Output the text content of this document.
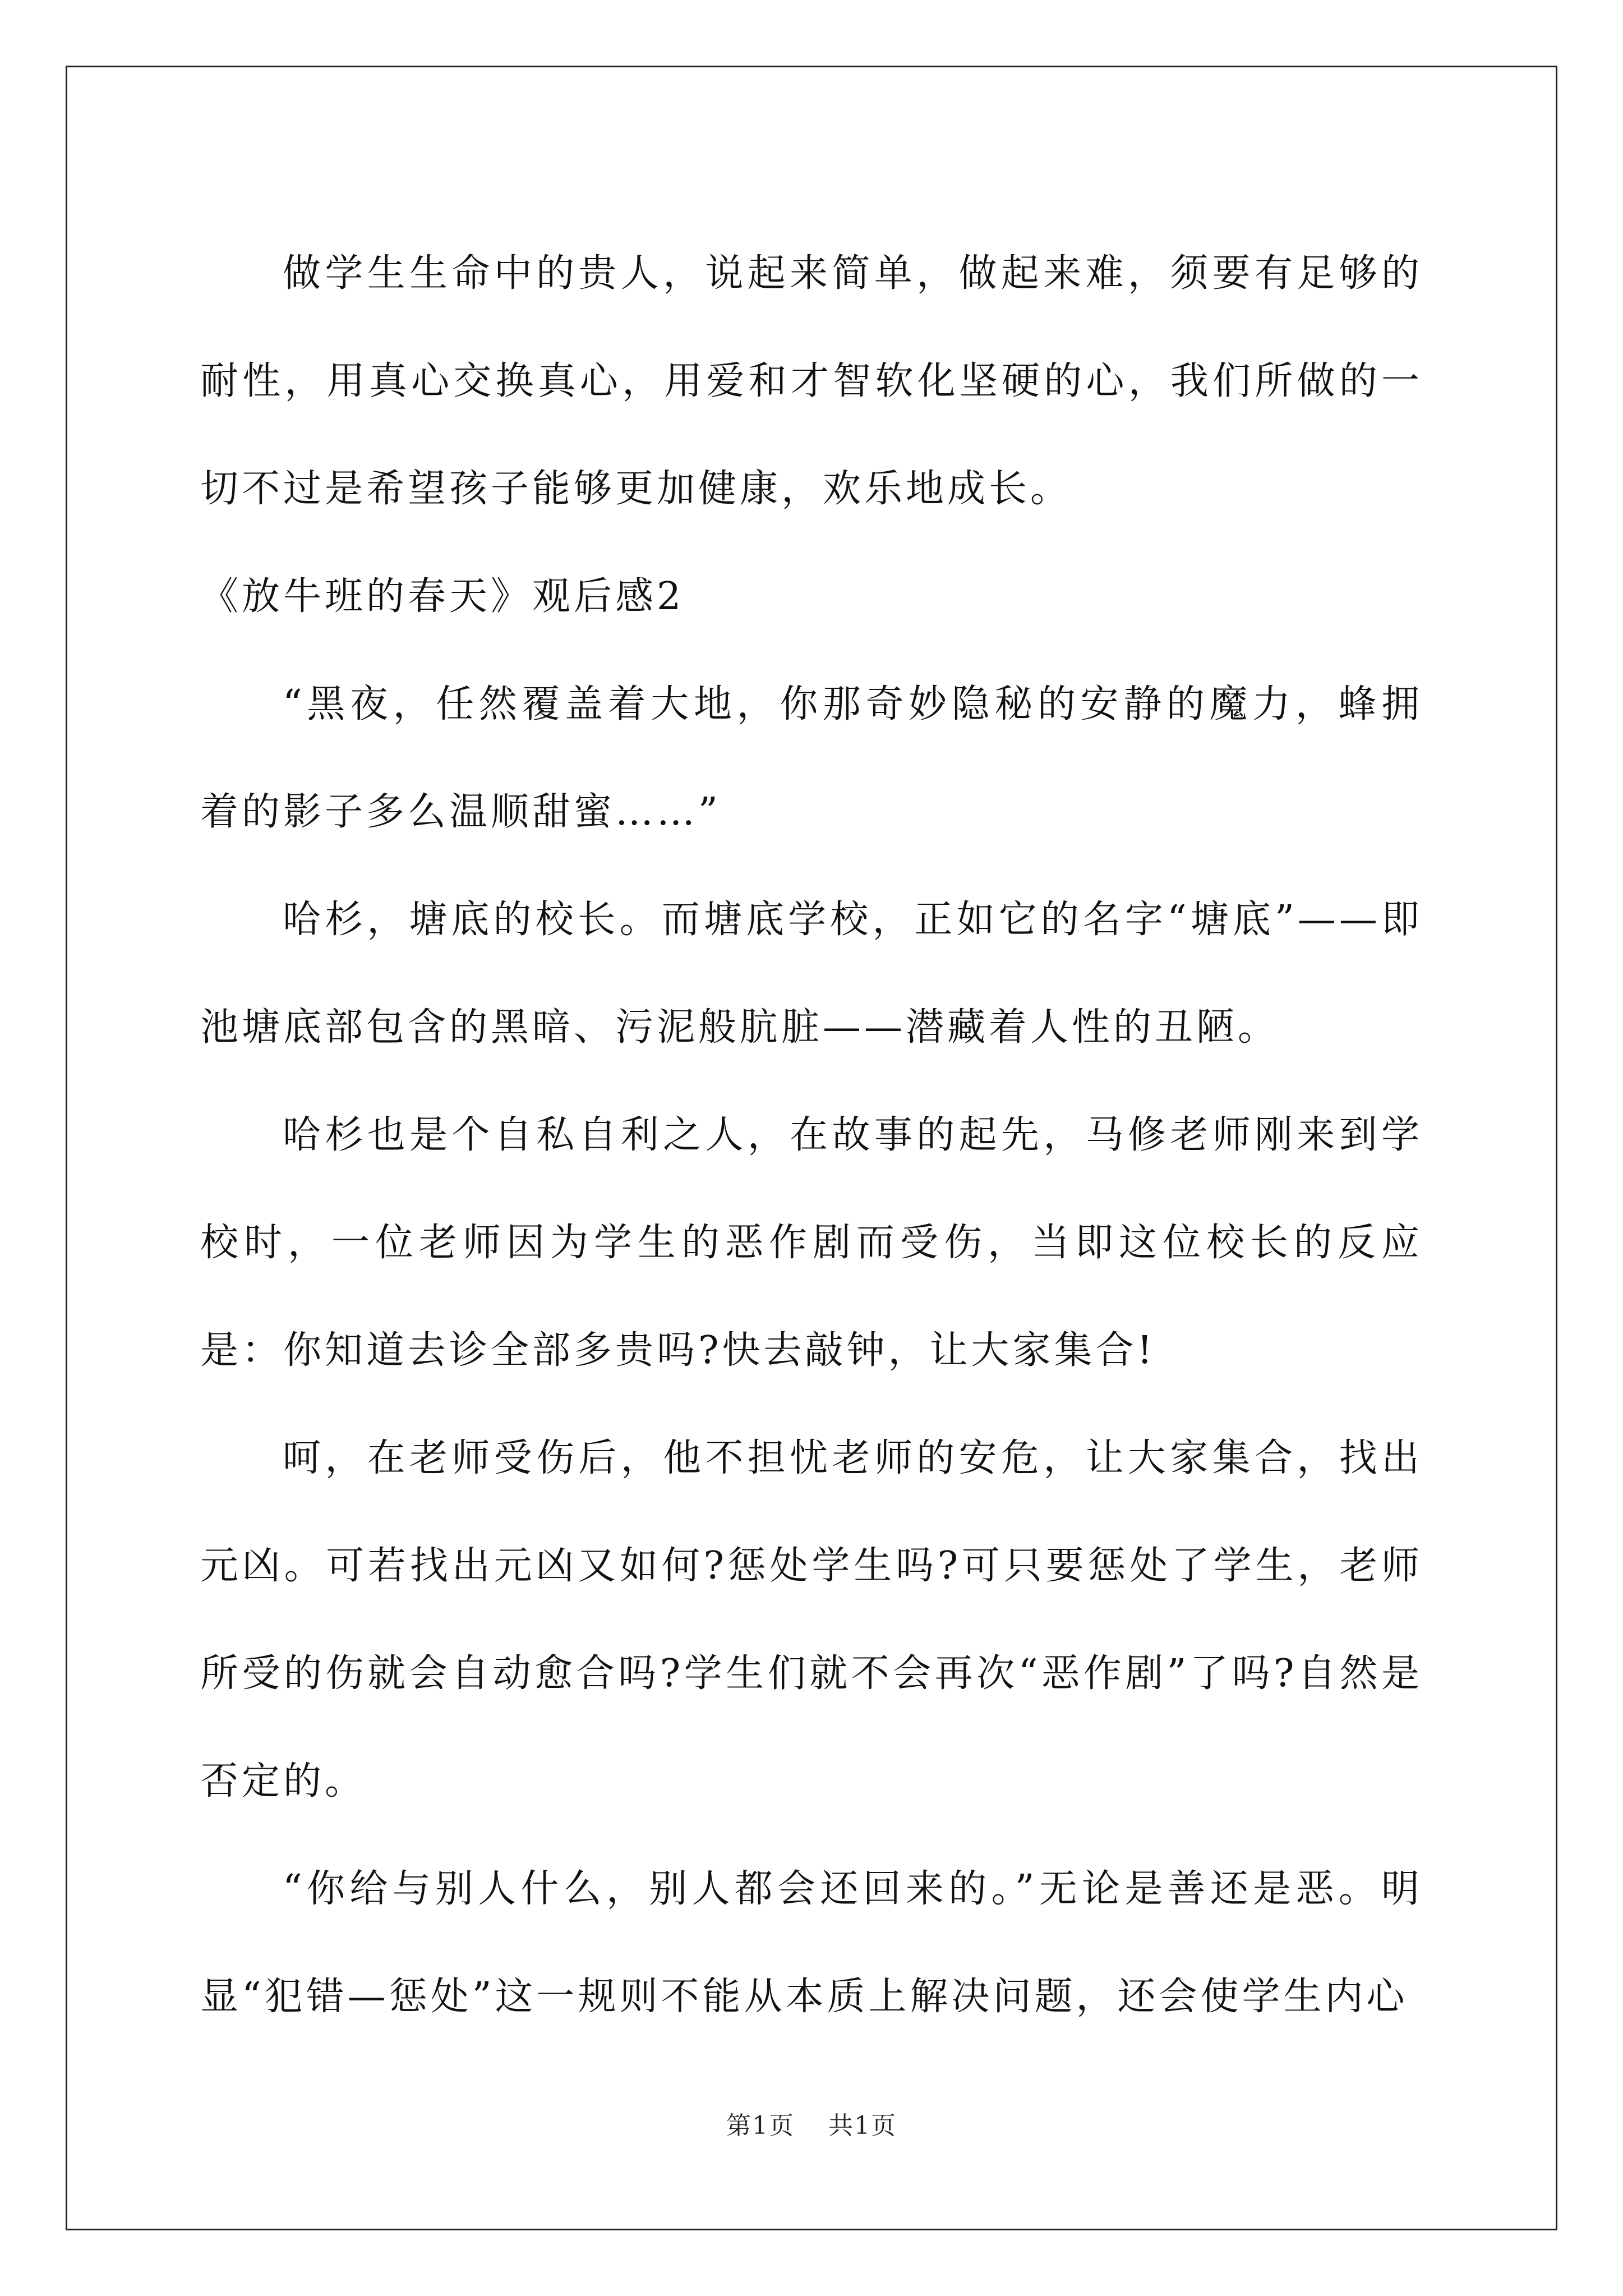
做学生生命中的贵人，说起来简单，做起来难，须要有足够的耐性，用真心交换真心，用爱和才智软化坚硬的心，我们所做的一切不过是希望孩子能够更加健康，欢乐地成长。

《放牛班的春天》观后感2

“黑夜，任然覆盖着大地，你那奇妙隐秘的安静的魔力，蜂拥着的影子多么温顺甜蜜……”

哈杉，塘底的校长。而塘底学校，正如它的名字“塘底”——即池塘底部包含的黑暗、污泥般肮脏——潜藏着人性的丑陋。

哈杉也是个自私自利之人，在故事的起先，马修老师刚来到学校时，一位老师因为学生的恶作剧而受伤，当即这位校长的反应是：你知道去诊全部多贵吗?快去敲钟，让大家集合!

呵，在老师受伤后，他不担忧老师的安危，让大家集合，找出元凶。可若找出元凶又如何?惩处学生吗?可只要惩处了学生，老师所受的伤就会自动愈合吗?学生们就不会再次“恶作剧”了吗?自然是否定的。

“你给与别人什么，别人都会还回来的。”无论是善还是恶。明显“犯错—惩处”这一规则不能从本质上解决问题，还会使学生内心

第1页 共1页
